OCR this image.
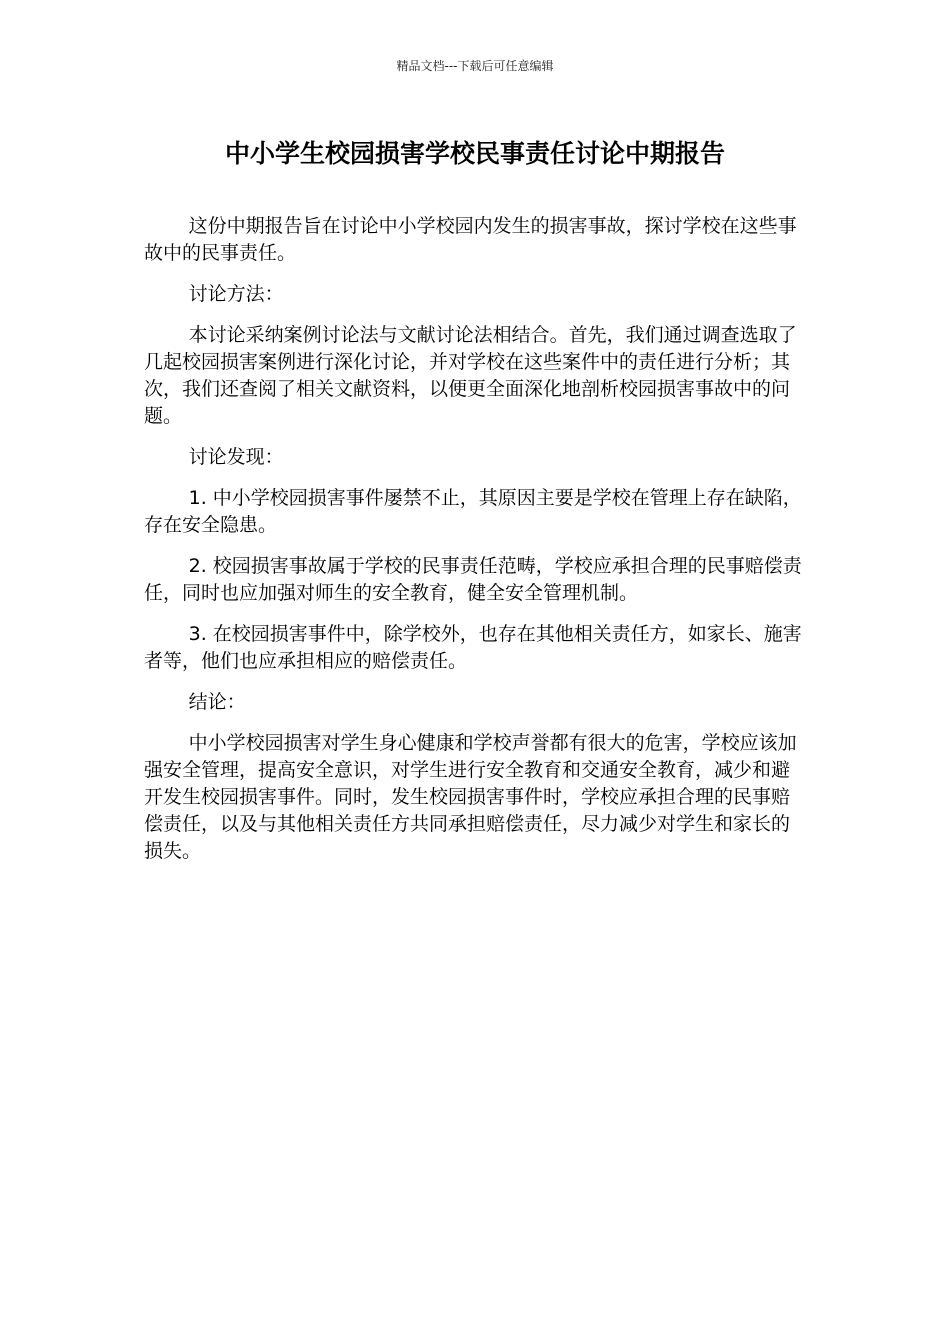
精品文档---下载后可任意编辑
中小学生校园损害学校民事责任讨论中期报告

这份中期报告旨在讨论中小学校园内发生的损害事故，探讨学校在这些事故中的民事责任。

讨论方法：

本讨论采纳案例讨论法与文献讨论法相结合。首先，我们通过调查选取了几起校园损害案例进行深化讨论，并对学校在这些案件中的责任进行分析；其次，我们还查阅了相关文献资料，以便更全面深化地剖析校园损害事故中的问题。

讨论发现：

1. 中小学校园损害事件屡禁不止，其原因主要是学校在管理上存在缺陷，存在安全隐患。

2. 校园损害事故属于学校的民事责任范畴，学校应承担合理的民事赔偿责任，同时也应加强对师生的安全教育，健全安全管理机制。

3. 在校园损害事件中，除学校外，也存在其他相关责任方，如家长、施害者等，他们也应承担相应的赔偿责任。

结论：

中小学校园损害对学生身心健康和学校声誉都有很大的危害，学校应该加强安全管理，提高安全意识，对学生进行安全教育和交通安全教育，减少和避开发生校园损害事件。同时，发生校园损害事件时，学校应承担合理的民事赔偿责任，以及与其他相关责任方共同承担赔偿责任，尽力减少对学生和家长的损失。
